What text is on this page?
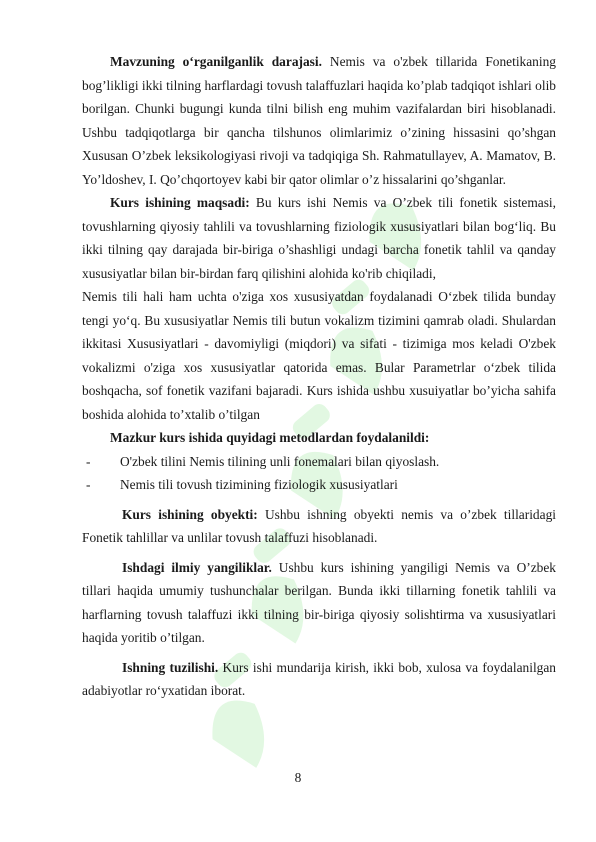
Mavzuning o‘rganilganlik darajasi. Nemis va o'zbek tillarida Fonetikaning bog’likligi ikki tilning harflardagi tovush talaffuzlari haqida ko’plab tadqiqot ishlari olib borilgan. Chunki bugungi kunda tilni bilish eng muhim vazifalardan biri hisoblanadi. Ushbu tadqiqotlarga bir qancha tilshunos olimlarimiz o’zining hissasini qo’shgan Xususan O’zbek leksikologiyasi rivoji va tadqiqiga Sh. Rahmatullayev, A. Mamatov, B. Yo’ldoshev, I. Qo’chqortoyev kabi bir qator olimlar o’z hissalarini qo’shganlar.

Kurs ishining maqsadi: Bu kurs ishi Nemis va O’zbek tili fonetik sistemasi, tovushlarning qiyosiy tahlili va tovushlarning fiziologik xususiyatlari bilan bog‘liq. Bu ikki tilning qay darajada bir-biriga o’shashligi undagi barcha fonetik tahlil va qanday xususiyatlar bilan bir-birdan farq qilishini alohida ko'rib chiqiladi,

Nemis tili hali ham uchta o'ziga xos xususiyatdan foydalanadi O‘zbek tilida bunday tengi yo‘q. Bu xususiyatlar Nemis tili butun vokalizm tizimini qamrab oladi. Shulardan ikkitasi Xususiyatlari - davomiyligi (miqdori) va sifati - tizimiga mos keladi O'zbek vokalizmi o'ziga xos xususiyatlar qatorida emas. Bular Parametrlar o‘zbek tilida boshqacha, sof fonetik vazifani bajaradi. Kurs ishida ushbu xusuiyatlar bo’yicha sahifa boshida alohida to’xtalib o’tilgan

Mazkur kurs ishida quyidagi metodlardan foydalanildi:

-	O'zbek tilini Nemis tilining unli fonemalari bilan qiyoslash.
-	Nemis tili tovush tizimining fiziologik xususiyatlari

Kurs ishining obyekti: Ushbu ishning obyekti nemis va o’zbek tillaridagi Fonetik tahlillar va unlilar tovush talaffuzi hisoblanadi.

Ishdagi ilmiy yangiliklar. Ushbu kurs ishining yangiligi Nemis va O’zbek tillari haqida umumiy tushunchalar berilgan. Bunda ikki tillarning fonetik tahlili va harflarning tovush talaffuzi ikki tilning bir-biriga qiyosiy solishtirma va xususiyatlari haqida yoritib o’tilgan.

Ishning tuzilishi. Kurs ishi mundarija kirish, ikki bob, xulosa va foydalanilgan adabiyotlar ro‘yxatidan iborat.

8
